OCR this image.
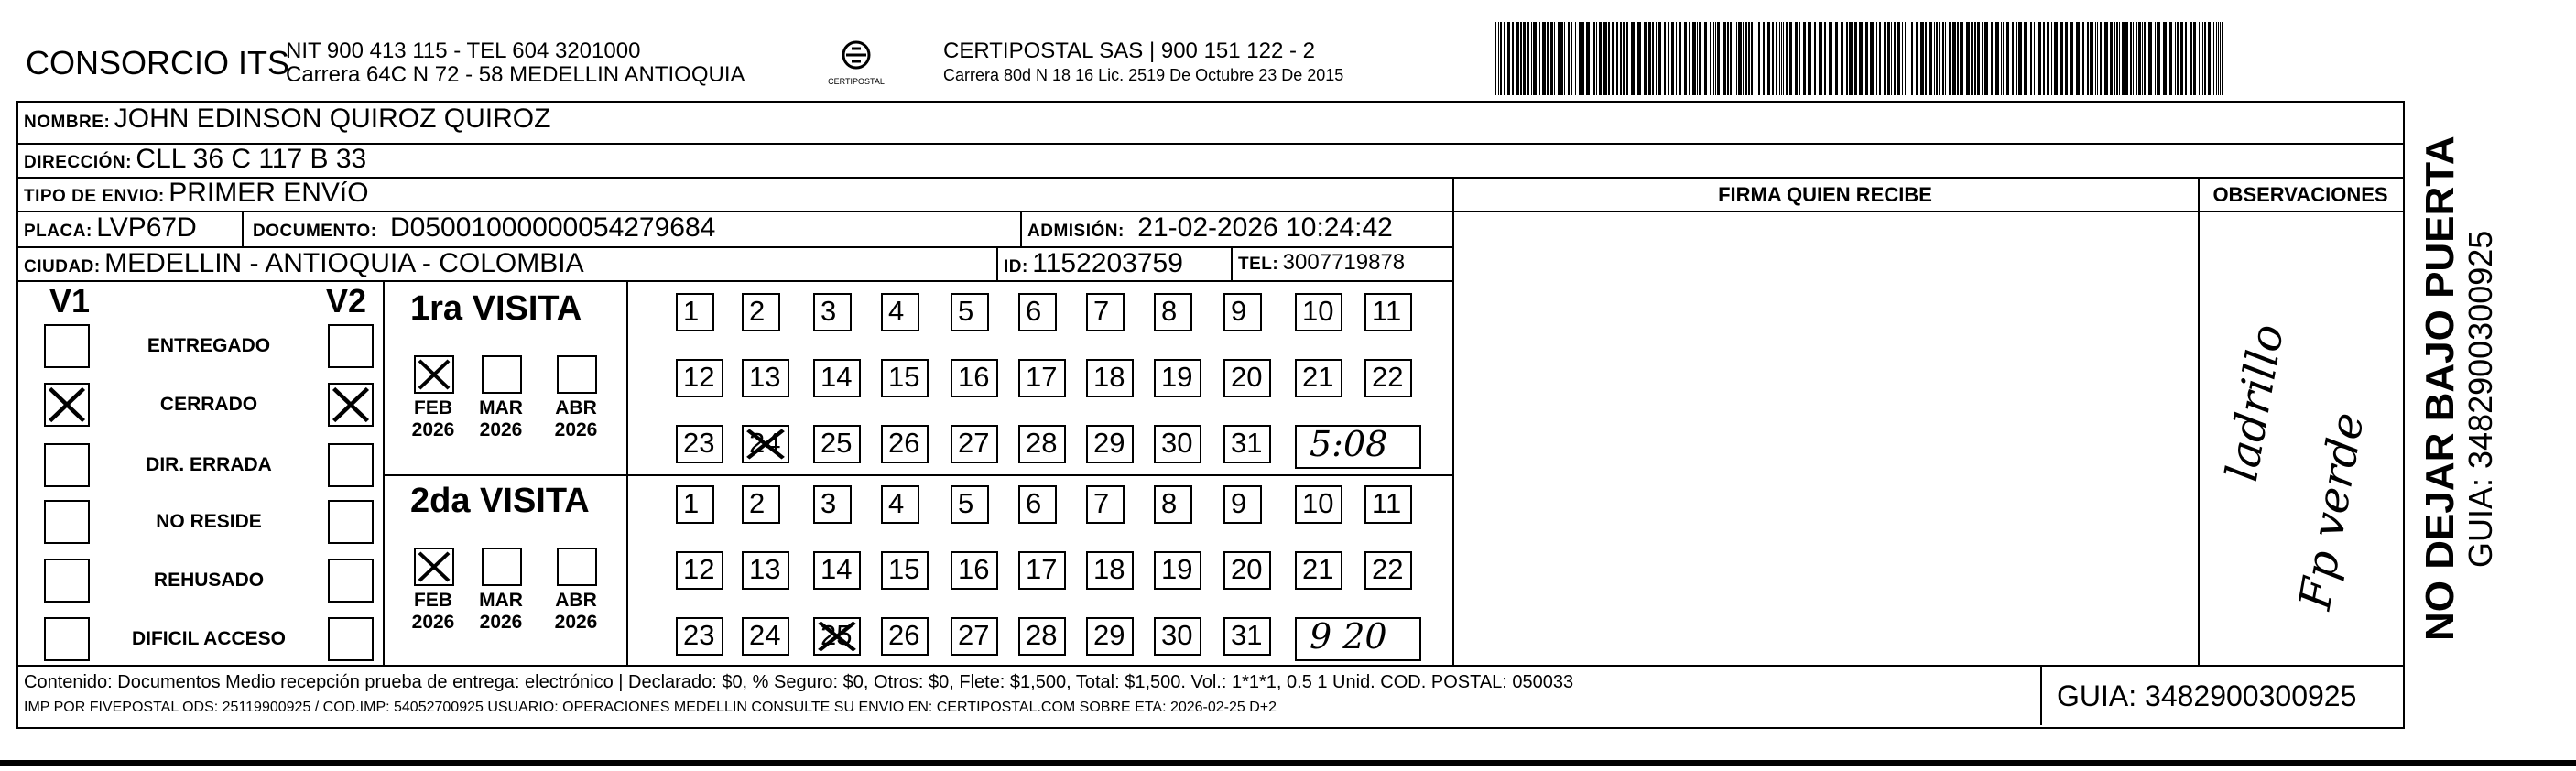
CONSORCIO ITS
NIT 900 413 115 - TEL 604 3201000
Carrera 64C N 72 - 58 MEDELLIN ANTIOQUIA	CERTIPOSTAL
CERTIPOSTAL SAS | 900 151 122 - 2
Carrera 80d N 18 16 Lic. 2519 De Octubre 23 De 2015
NOMBRE: JOHN EDINSON QUIROZ QUIROZ
DIRECCIÓN: CLL 36 C 117 B 33
TIPO DE ENVIO: PRIMER ENVíO	FIRMA QUIEN RECIBE	OBSERVACIONES
PLACA: LVP67D	DOCUMENTO: D05001000000054279684	ADMISIÓN: 21-02-2026 10:24:42
CIUDAD: MEDELLIN - ANTIOQUIA - COLOMBIA	ID: 1152203759	TEL: 3007719878
V1	V2
ENTREGADO
CERRADO
DIR. ERRADA
NO RESIDE
REHUSADO
DIFICIL ACCESO
1ra VISITA
2da VISITA
FEB
2026
MAR
2026
ABR
2026
FEB
2026
MAR
2026
ABR
2026
1 2 3 4 5 6 7 8 9 10 11
12 13 14 15 16 17 18 19 20 21 22
23 24 25 26 27 28 29 30 31 5:08
1 2 3 4 5 6 7 8 9 10 11
12 13 14 15 16 17 18 19 20 21 22
23 24 25 26 27 28 29 30 31 9 20
ladrillo
Fp verde
Contenido: Documentos Medio recepción prueba de entrega: electrónico | Declarado: $0, % Seguro: $0, Otros: $0, Flete: $1,500, Total: $1,500. Vol.: 1*1*1, 0.5 1 Unid. COD. POSTAL: 050033
IMP POR FIVEPOSTAL ODS: 25119900925 / COD.IMP: 54052700925 USUARIO: OPERACIONES MEDELLIN CONSULTE SU ENVIO EN: CERTIPOSTAL.COM SOBRE ETA: 2026-02-25 D+2	GUIA: 3482900300925
NO DEJAR BAJO PUERTA GUIA: 3482900300925
